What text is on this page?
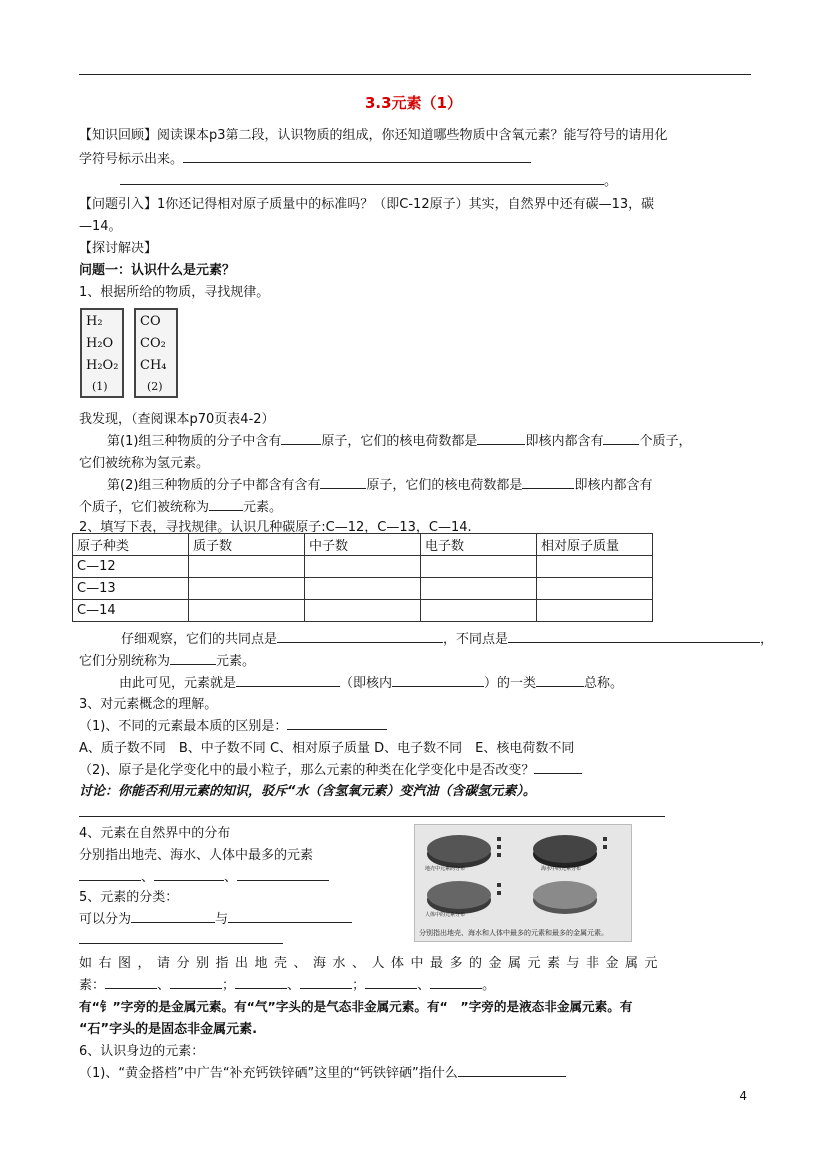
3.3元素（1）
【知识回顾】阅读课本p3第二段，认识物质的组成，你还知道哪些物质中含氧元素？能写符号的请用化
学符号标示出来。
。
【问题引入】1你还记得相对原子质量中的标准吗？（即C-12原子）其实，自然界中还有碳—13，碳
—14。
【探讨解决】
问题一：认识什么是元素？
1、根据所给的物质，寻找规律。
H₂
H₂O
H₂O₂
CO
CO₂
CH₄
(1)	(2)
我发现，（查阅课本p70页表4-2）
第(1)组三种物质的分子中含有	原子，它们的核电荷数都是	即核内都含有	个质子，
它们被统称为氢元素。
第(2)组三种物质的分子中都含有含有	原子，它们的核电荷数都是	即核内都含有
个质子，它们被统称为	元素。
2、填写下表，寻找规律。认识几种碳原子:C—12，C—13，C—14.
原子种类	质子数	中子数	电子数	相对原子质量
C—12				
C—13				
C—14				
仔细观察，它们的共同点是	，不同点是	，
它们分别统称为	元素。
由此可见，元素就是	（即核内	）的一类	总称。
3、对元素概念的理解。
（1)、不同的元素最本质的区别是：
A、质子数不同　B、中子数不同 C、相对原子质量 D、电子数不同　E、核电荷数不同
（2)、原子是化学变化中的最小粒子，那么元素的种类在化学变化中是否改变？
讨论：你能否利用元素的知识，驳斥“水（含氢氧元素）变汽油（含碳氢元素）。
4、元素在自然界中的分布
分别指出地壳、海水、人体中最多的元素
、	、
5、元素的分类：
可以分为	与
地壳中元素的分布	海水中的元素分布
人体中的元素分布
分别指出地壳、海水和人体中最多的元素和最多的金属元素。
如右图，请分别指出地壳、海水、人体中最多的金属元素与非金属元
素：	、	；	、	；	、	。
有“钅”字旁的是金属元素。有“气”字头的是气态非金属元素。有“　”字旁的是液态非金属元素。有
“石”字头的是固态非金属元素.
6、认识身边的元素：
（1)、“黄金搭档”中广告“补充钙铁锌硒”这里的“钙铁锌硒”指什么
4
